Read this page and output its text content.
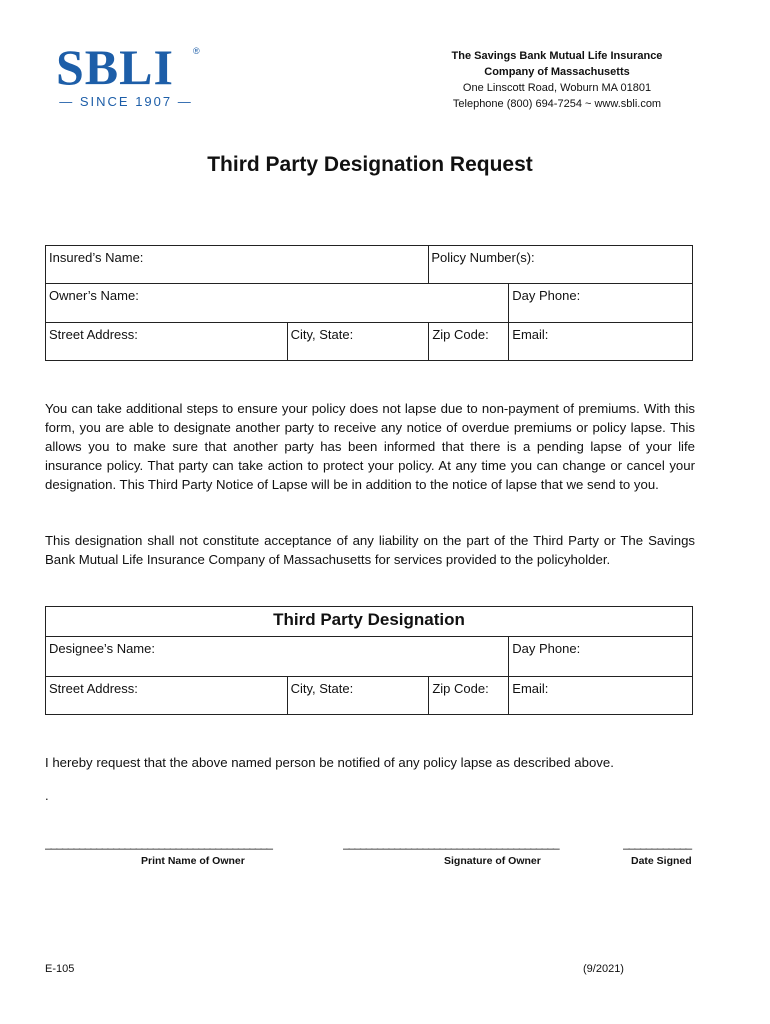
SBLI ®
— SINCE 1907 —
The Savings Bank Mutual Life Insurance
Company of Massachusetts
One Linscott Road, Woburn MA 01801
Telephone (800) 694-7254 ~ www.sbli.com
Third Party Designation Request
Insured’s Name:		Policy Number(s):	
Owner’s Name:			Day Phone:
Street Address:	City, State:	Zip Code:	Email:
You can take additional steps to ensure your policy does not lapse due to non-payment of premiums. With this form, you are able to designate another party to receive any notice of overdue premiums or policy lapse. This allows you to make sure that another party has been informed that there is a pending lapse of your life insurance policy. That party can take action to protect your policy. At any time you can change or cancel your designation. This Third Party Notice of Lapse will be in addition to the notice of lapse that we send to you.
This designation shall not constitute acceptance of any liability on the part of the Third Party or The Savings Bank Mutual Life Insurance Company of Massachusetts for services provided to the policyholder.
Third Party Designation			
Designee’s Name:			Day Phone:
Street Address:	City, State:	Zip Code:	Email:
I hereby request that the above named person be notified of any policy lapse as described above.
.
________________________________________	______________________________________	____________
Print Name of Owner	Signature of Owner	Date Signed
E-105	(9/2021)
